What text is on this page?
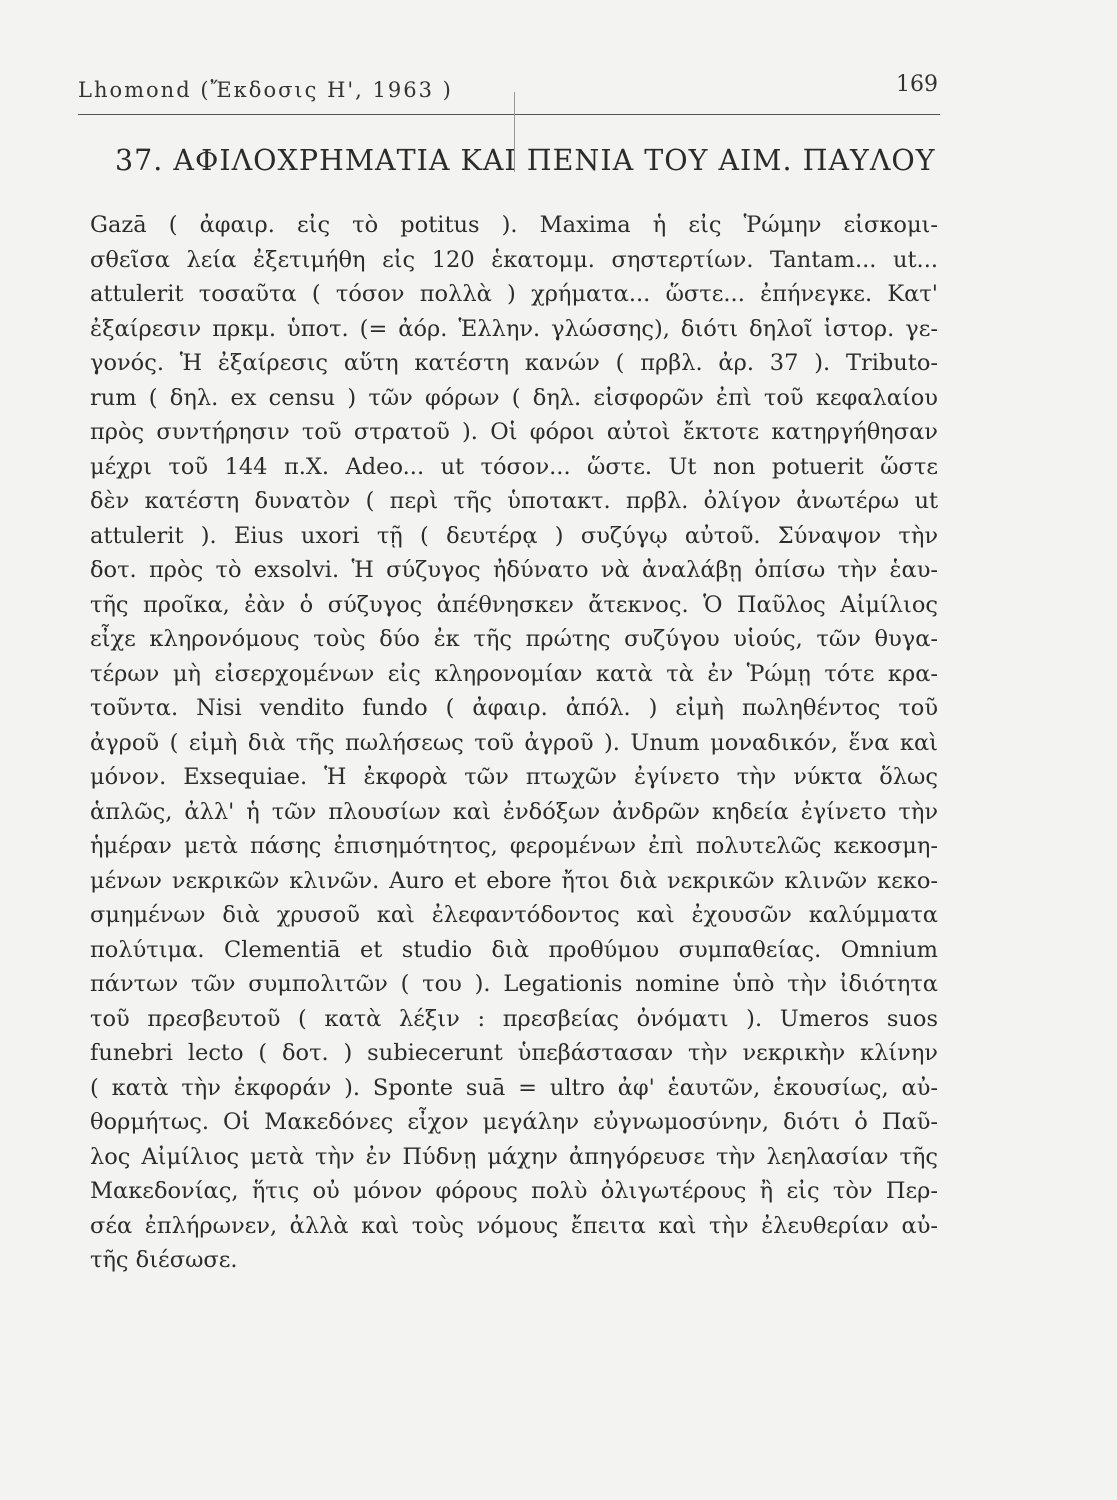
Lhomond (Ἔκδοσις Η', 1963 )	169
37. ΑΦΙΛΟΧΡΗΜΑΤΙΑ ΚΑΙ ΠΕΝΙΑ ΤΟΥ ΑΙΜ. ΠΑΥΛΟΥ
Gazā ( ἀφαιρ. εἰς τὸ potitus ). Maxima ἡ εἰς Ῥώμην εἰσκομι-
σθεῖσα λεία ἐξετιμήθη εἰς 120 ἑκατομμ. σηστερτίων. Tantam... ut...
attulerit τοσαῦτα ( τόσον πολλὰ ) χρήματα... ὥστε... ἐπήνεγκε. Κατ'
ἐξαίρεσιν πρκμ. ὑποτ. (= ἀόρ. Ἑλλην. γλώσσης), διότι δηλοῖ ἱστορ. γε-
γονός. Ἡ ἐξαίρεσις αὕτη κατέστη κανών ( πρβλ. ἀρ. 37 ). Tributo-
rum ( δηλ. ex censu ) τῶν φόρων ( δηλ. εἰσφορῶν ἐπὶ τοῦ κεφαλαίου
πρὸς συντήρησιν τοῦ στρατοῦ ). Οἱ φόροι αὐτοὶ ἔκτοτε κατηργήθησαν
μέχρι τοῦ 144 π.Χ. Adeo... ut τόσον... ὥστε. Ut non potuerit ὥστε
δὲν κατέστη δυνατὸν ( περὶ τῆς ὑποτακτ. πρβλ. ὀλίγον ἀνωτέρω ut
attulerit ). Eius uxori τῇ ( δευτέρᾳ ) συζύγῳ αὐτοῦ. Σύναψον τὴν
δοτ. πρὸς τὸ exsolvi. Ἡ σύζυγος ἠδύνατο νὰ ἀναλάβῃ ὀπίσω τὴν ἑαυ-
τῆς προῖκα, ἐὰν ὁ σύζυγος ἀπέθνησκεν ἄτεκνος. Ὁ Παῦλος Αἰμίλιος
εἶχε κληρονόμους τοὺς δύο ἐκ τῆς πρώτης συζύγου υἱούς, τῶν θυγα-
τέρων μὴ εἰσερχομένων εἰς κληρονομίαν κατὰ τὰ ἐν Ῥώμῃ τότε κρα-
τοῦντα. Nisi vendito fundo ( ἀφαιρ. ἀπόλ. ) εἰμὴ πωληθέντος τοῦ
ἀγροῦ ( εἰμὴ διὰ τῆς πωλήσεως τοῦ ἀγροῦ ). Unum μοναδικόν, ἕνα καὶ
μόνον. Exsequiae. Ἡ ἐκφορὰ τῶν πτωχῶν ἐγίνετο τὴν νύκτα ὅλως
ἁπλῶς, ἀλλ' ἡ τῶν πλουσίων καὶ ἐνδόξων ἀνδρῶν κηδεία ἐγίνετο τὴν
ἡμέραν μετὰ πάσης ἐπισημότητος, φερομένων ἐπὶ πολυτελῶς κεκοσμη-
μένων νεκρικῶν κλινῶν. Auro et ebore ἤτοι διὰ νεκρικῶν κλινῶν κεκο-
σμημένων διὰ χρυσοῦ καὶ ἐλεφαντόδοντος καὶ ἐχουσῶν καλύμματα
πολύτιμα. Clementiā et studio διὰ προθύμου συμπαθείας. Omnium
πάντων τῶν συμπολιτῶν ( του ). Legationis nomine ὑπὸ τὴν ἰδιότητα
τοῦ πρεσβευτοῦ ( κατὰ λέξιν : πρεσβείας ὀνόματι ). Umeros suos
funebri lecto ( δοτ. ) subiecerunt ὑπεβάστασαν τὴν νεκρικὴν κλίνην
( κατὰ τὴν ἐκφοράν ). Sponte suā = ultro ἀφ' ἑαυτῶν, ἑκουσίως, αὐ-
θορμήτως. Οἱ Μακεδόνες εἶχον μεγάλην εὐγνωμοσύνην, διότι ὁ Παῦ-
λος Αἰμίλιος μετὰ τὴν ἐν Πύδνῃ μάχην ἀπηγόρευσε τὴν λεηλασίαν τῆς
Μακεδονίας, ἥτις οὐ μόνον φόρους πολὺ ὀλιγωτέρους ἢ εἰς τὸν Περ-
σέα ἐπλήρωνεν, ἀλλὰ καὶ τοὺς νόμους ἔπειτα καὶ τὴν ἐλευθερίαν αὐ-
τῆς διέσωσε.
